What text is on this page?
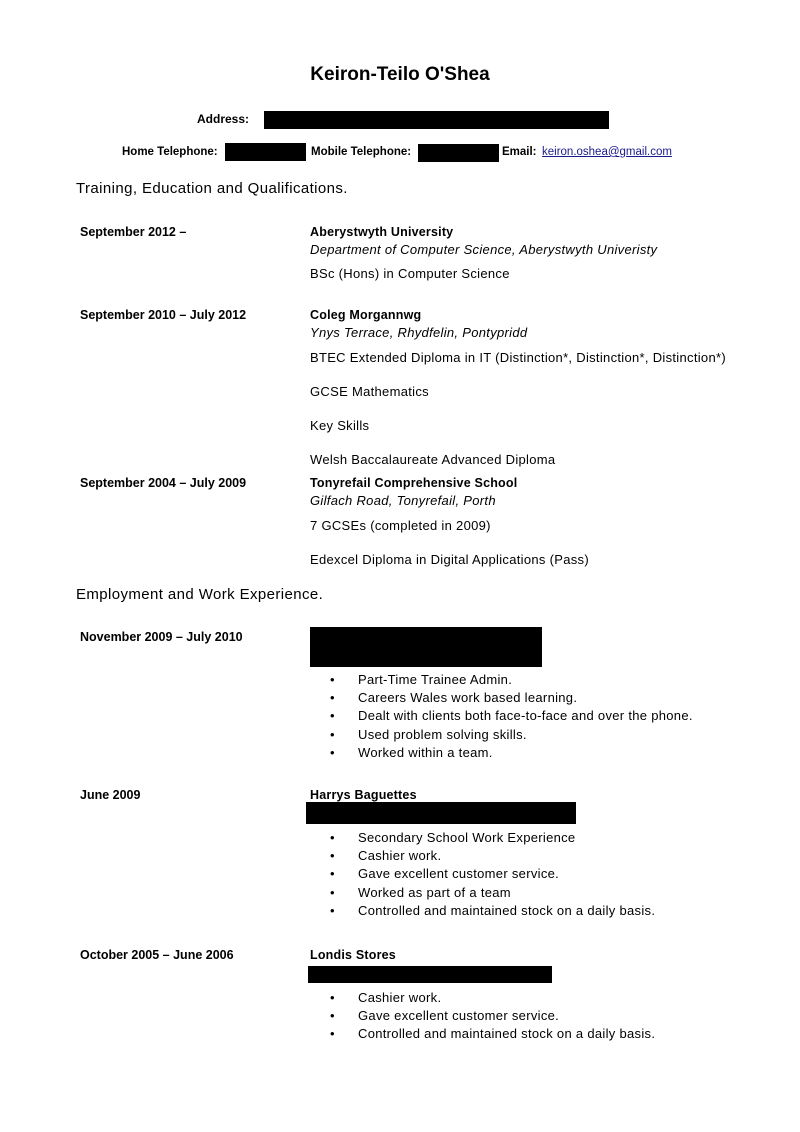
Keiron-Teilo O'Shea
Address:
Home Telephone:	Mobile Telephone:	Email: keiron.oshea@gmail.com
Training, Education and Qualifications.
September 2012 –	Aberystwyth University
Department of Computer Science, Aberystwyth Univeristy
BSc (Hons) in Computer Science
September 2010 – July 2012	Coleg Morgannwg
Ynys Terrace, Rhydfelin, Pontypridd
BTEC Extended Diploma in IT (Distinction*, Distinction*, Distinction*)
GCSE Mathematics
Key Skills
Welsh Baccalaureate Advanced Diploma
September 2004 – July 2009	Tonyrefail Comprehensive School
Gilfach Road, Tonyrefail, Porth
7 GCSEs (completed in 2009)
Edexcel Diploma in Digital Applications (Pass)
Employment and Work Experience.
November 2009 – July 2010
• Part-Time Trainee Admin.
• Careers Wales work based learning.
• Dealt with clients both face-to-face and over the phone.
• Used problem solving skills.
• Worked within a team.
June 2009	Harrys Baguettes
• Secondary School Work Experience
• Cashier work.
• Gave excellent customer service.
• Worked as part of a team
• Controlled and maintained stock on a daily basis.
October 2005 – June 2006	Londis Stores
• Cashier work.
• Gave excellent customer service.
• Controlled and maintained stock on a daily basis.
